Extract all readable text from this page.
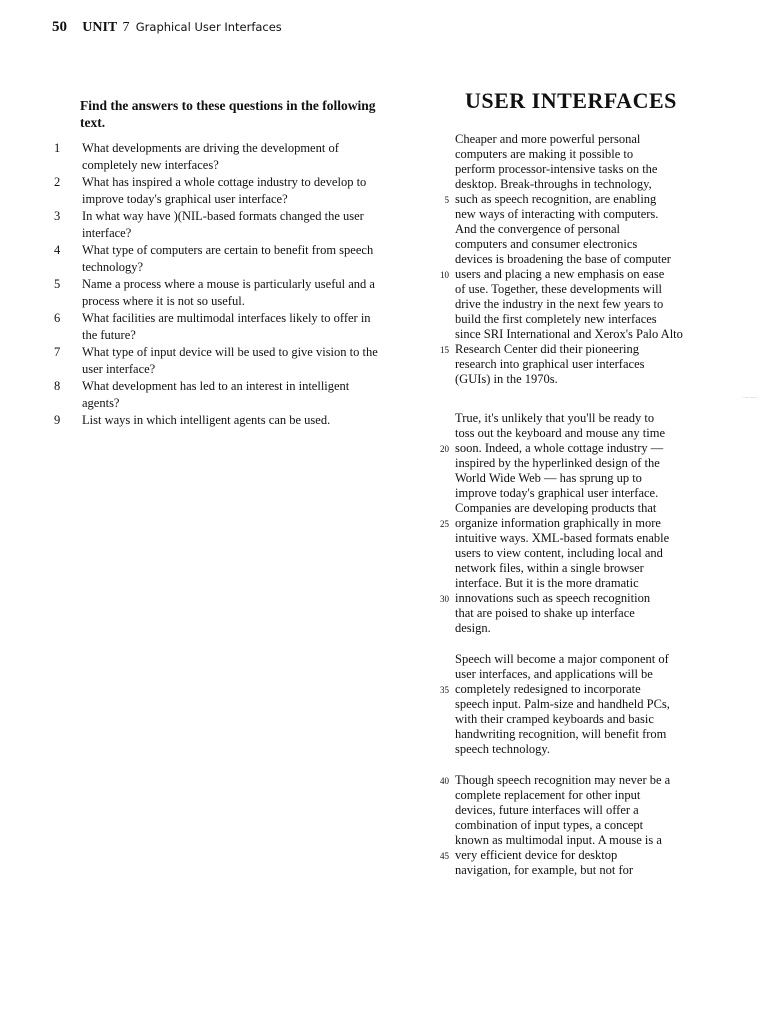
50 UNIT 7 Graphical User Interfaces
Find the answers to these questions in the following text.
1 What developments are driving the development of completely new interfaces?
2 What has inspired a whole cottage industry to develop to improve today's graphical user interface?
3 In what way have )(NIL-based formats changed the user interface?
4 What type of computers are certain to benefit from speech technology?
5 Name a process where a mouse is particularly useful and a process where it is not so useful.
6 What facilities are multimodal interfaces likely to offer in the future?
7 What type of input device will be used to give vision to the user interface?
8 What development has led to an interest in intelligent agents?
9 List ways in which intelligent agents can be used.
USER INTERFACES
Cheaper and more powerful personal
computers are making it possible to
perform processor-intensive tasks on the
desktop. Break-throughs in technology,
5 such as speech recognition, are enabling
new ways of interacting with computers.
And the convergence of personal
computers and consumer electronics
devices is broadening the base of computer
10 users and placing a new emphasis on ease
of use. Together, these developments will
drive the industry in the next few years to
build the first completely new interfaces
since SRI International and Xerox's Palo Alto
15 Research Center did their pioneering
research into graphical user interfaces
(GUIs) in the 1970s.
...........
True, it's unlikely that you'll be ready to
toss out the keyboard and mouse any time
20 soon. Indeed, a whole cottage industry —
inspired by the hyperlinked design of the
World Wide Web — has sprung up to
improve today's graphical user interface.
Companies are developing products that
25 organize information graphically in more
intuitive ways. XML-based formats enable
users to view content, including local and
network files, within a single browser
interface. But it is the more dramatic
30 innovations such as speech recognition
that are poised to shake up interface
design.
Speech will become a major component of
user interfaces, and applications will be
35 completely redesigned to incorporate
speech input. Palm-size and handheld PCs,
with their cramped keyboards and basic
handwriting recognition, will benefit from
speech technology.
40 Though speech recognition may never be a
complete replacement for other input
devices, future interfaces will offer a
combination of input types, a concept
known as multimodal input. A mouse is a
45 very efficient device for desktop
navigation, for example, but not for
